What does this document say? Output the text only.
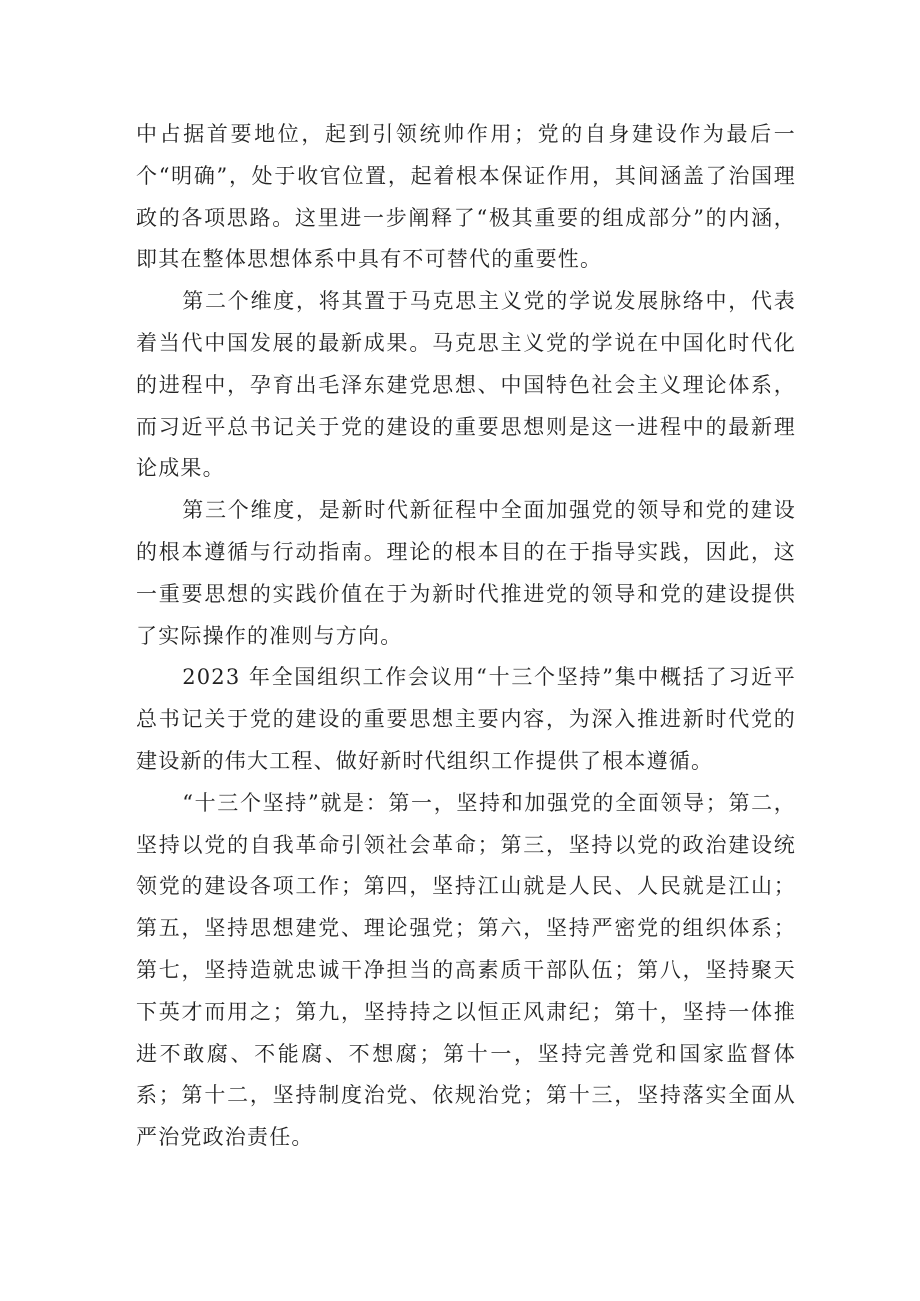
中占据首要地位，起到引领统帅作用；党的自身建设作为最后一个“明确”，处于收官位置，起着根本保证作用，其间涵盖了治国理政的各项思路。这里进一步阐释了“极其重要的组成部分”的内涵，即其在整体思想体系中具有不可替代的重要性。

第二个维度，将其置于马克思主义党的学说发展脉络中，代表着当代中国发展的最新成果。马克思主义党的学说在中国化时代化的进程中，孕育出毛泽东建党思想、中国特色社会主义理论体系，而习近平总书记关于党的建设的重要思想则是这一进程中的最新理论成果。

第三个维度，是新时代新征程中全面加强党的领导和党的建设的根本遵循与行动指南。理论的根本目的在于指导实践，因此，这一重要思想的实践价值在于为新时代推进党的领导和党的建设提供了实际操作的准则与方向。

2023 年全国组织工作会议用“十三个坚持”集中概括了习近平总书记关于党的建设的重要思想主要内容，为深入推进新时代党的建设新的伟大工程、做好新时代组织工作提供了根本遵循。

“十三个坚持”就是：第一，坚持和加强党的全面领导；第二，坚持以党的自我革命引领社会革命；第三，坚持以党的政治建设统领党的建设各项工作；第四，坚持江山就是人民、人民就是江山；第五，坚持思想建党、理论强党；第六，坚持严密党的组织体系；第七，坚持造就忠诚干净担当的高素质干部队伍；第八，坚持聚天下英才而用之；第九，坚持持之以恒正风肃纪；第十，坚持一体推进不敢腐、不能腐、不想腐；第十一，坚持完善党和国家监督体系；第十二，坚持制度治党、依规治党；第十三，坚持落实全面从严治党政治责任。
